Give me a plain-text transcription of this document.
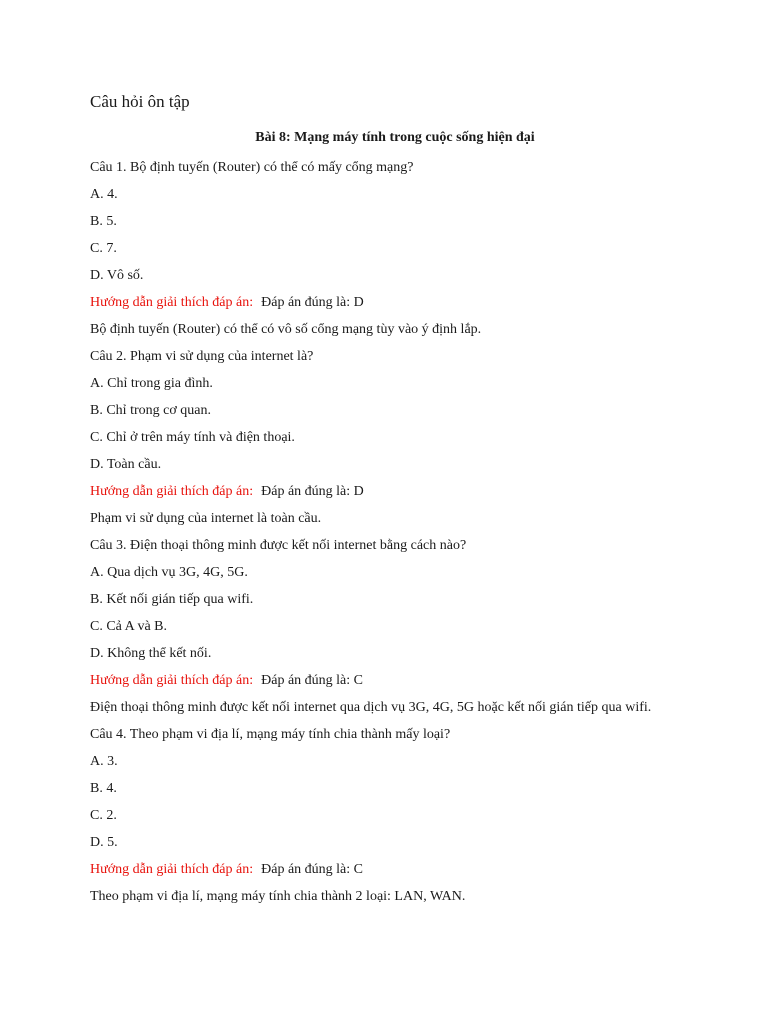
Câu hỏi ôn tập
Bài 8: Mạng máy tính trong cuộc sống hiện đại
Câu 1. Bộ định tuyến (Router) có thể có mấy cổng mạng?
A. 4.
B. 5.
C. 7.
D. Vô số.
Hướng dẫn giải thích đáp án: Đáp án đúng là: D
Bộ định tuyến (Router) có thể có vô số cổng mạng tùy vào ý định lắp.
Câu 2. Phạm vi sử dụng của internet là?
A. Chỉ trong gia đình.
B. Chỉ trong cơ quan.
C. Chỉ ở trên máy tính và điện thoại.
D. Toàn cầu.
Hướng dẫn giải thích đáp án: Đáp án đúng là: D
Phạm vi sử dụng của internet là toàn cầu.
Câu 3. Điện thoại thông minh được kết nối internet bằng cách nào?
A. Qua dịch vụ 3G, 4G, 5G.
B. Kết nối gián tiếp qua wifi.
C. Cả A và B.
D. Không thể kết nối.
Hướng dẫn giải thích đáp án: Đáp án đúng là: C
Điện thoại thông minh được kết nối internet qua dịch vụ 3G, 4G, 5G hoặc kết nối gián tiếp qua wifi.
Câu 4. Theo phạm vi địa lí, mạng máy tính chia thành mấy loại?
A. 3.
B. 4.
C. 2.
D. 5.
Hướng dẫn giải thích đáp án: Đáp án đúng là: C
Theo phạm vi địa lí, mạng máy tính chia thành 2 loại: LAN, WAN.
